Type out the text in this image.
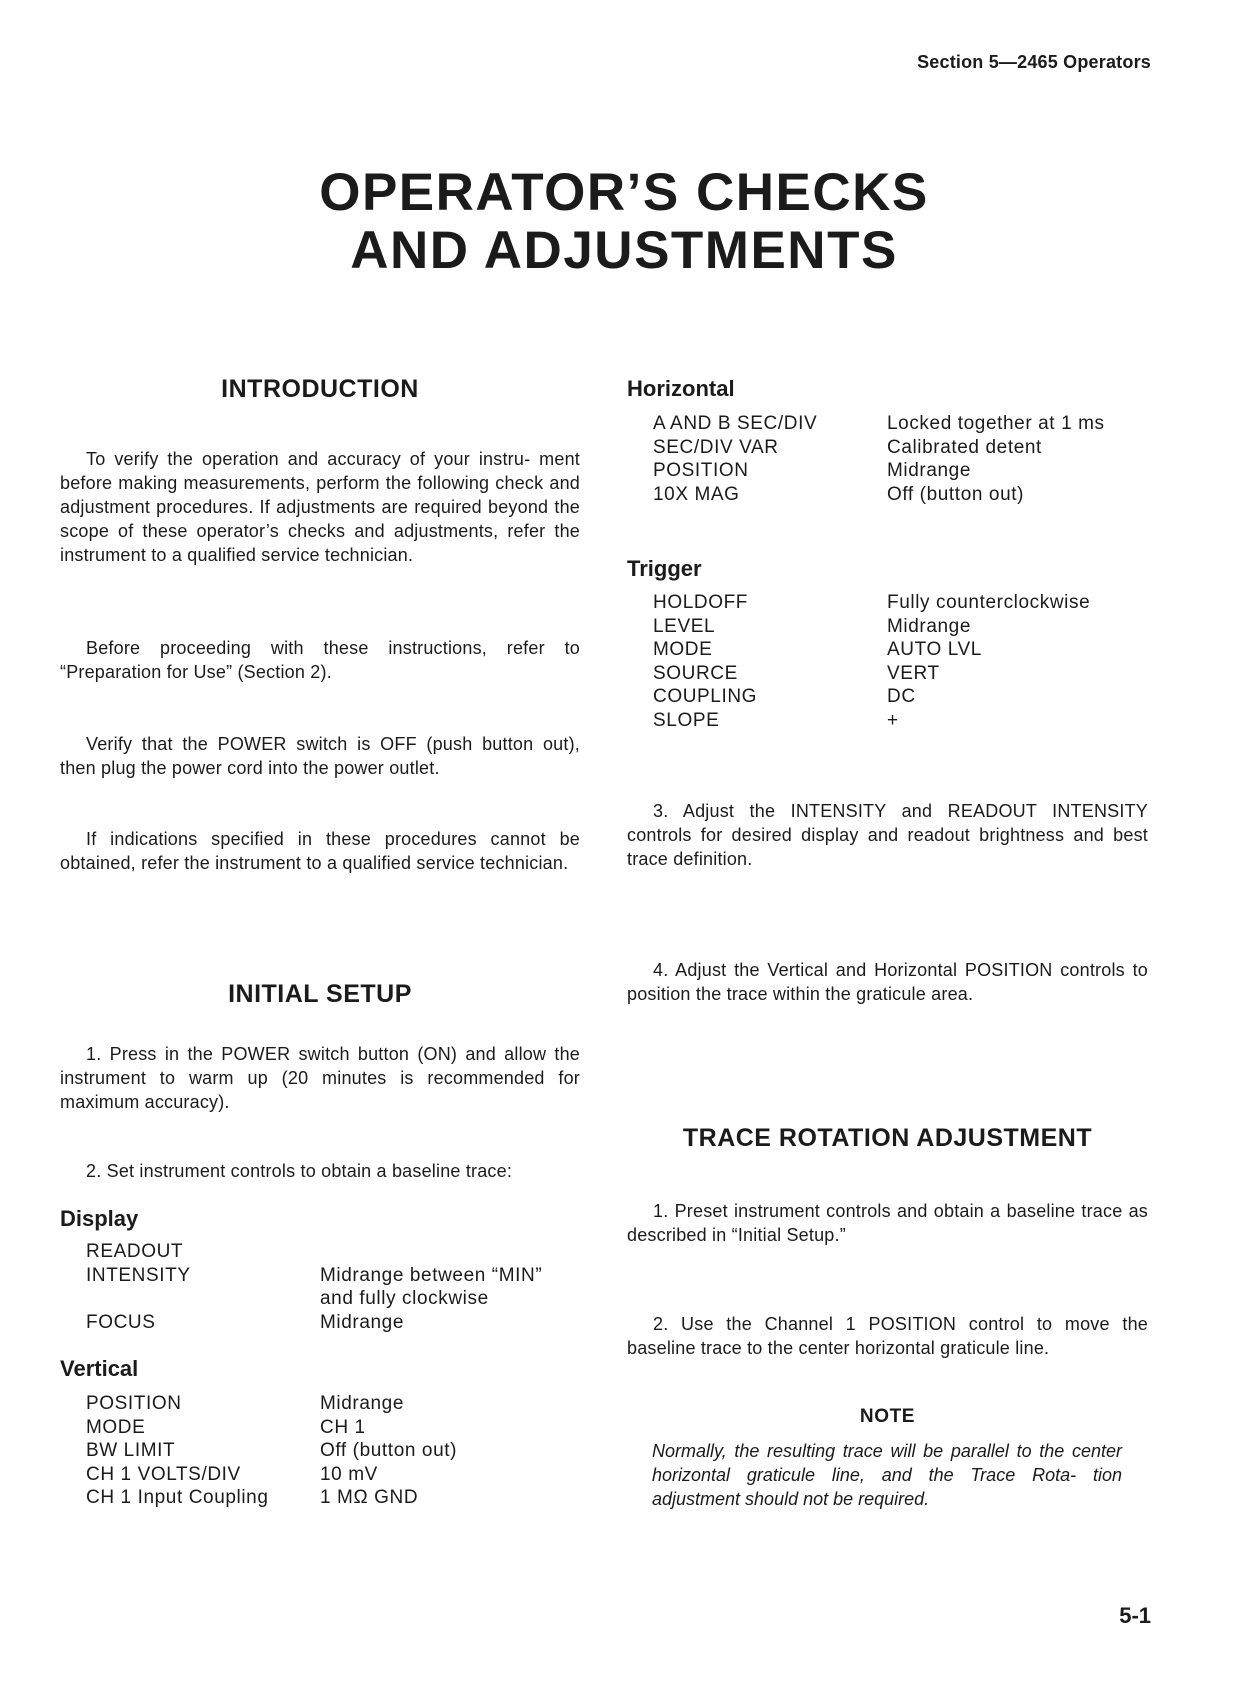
Section 5—2465 Operators
OPERATOR’S CHECKS
AND ADJUSTMENTS
INTRODUCTION
To verify the operation and accuracy of your instru- ment before making measurements, perform the following check and adjustment procedures. If adjustments are required beyond the scope of these operator’s checks and adjustments, refer the instrument to a qualified service technician.
Before proceeding with these instructions, refer to “Preparation for Use” (Section 2).
Verify that the POWER switch is OFF (push button out), then plug the power cord into the power outlet.
If indications specified in these procedures cannot be obtained, refer the instrument to a qualified service technician.
INITIAL SETUP
1. Press in the POWER switch button (ON) and allow the instrument to warm up (20 minutes is recommended for maximum accuracy).
2. Set instrument controls to obtain a baseline trace:
Display
READOUT	
INTENSITY	Midrange between “MIN”
	and fully clockwise
FOCUS	Midrange
Vertical
POSITION	Midrange
MODE	CH 1
BW LIMIT	Off (button out)
CH 1 VOLTS/DIV	10 mV
CH 1 Input Coupling	1 MΩ GND
Horizontal
A AND B SEC/DIV	Locked together at 1 ms
SEC/DIV VAR	Calibrated detent
POSITION	Midrange
10X MAG	Off (button out)
Trigger
HOLDOFF	Fully counterclockwise
LEVEL	Midrange
MODE	AUTO LVL
SOURCE	VERT
COUPLING	DC
SLOPE	+
3. Adjust the INTENSITY and READOUT INTENSITY controls for desired display and readout brightness and best trace definition.
4. Adjust the Vertical and Horizontal POSITION controls to position the trace within the graticule area.
TRACE ROTATION ADJUSTMENT
1. Preset instrument controls and obtain a baseline trace as described in “Initial Setup.”
2. Use the Channel 1 POSITION control to move the baseline trace to the center horizontal graticule line.
NOTE
Normally, the resulting trace will be parallel to the center horizontal graticule line, and the Trace Rota- tion adjustment should not be required.
5-1
